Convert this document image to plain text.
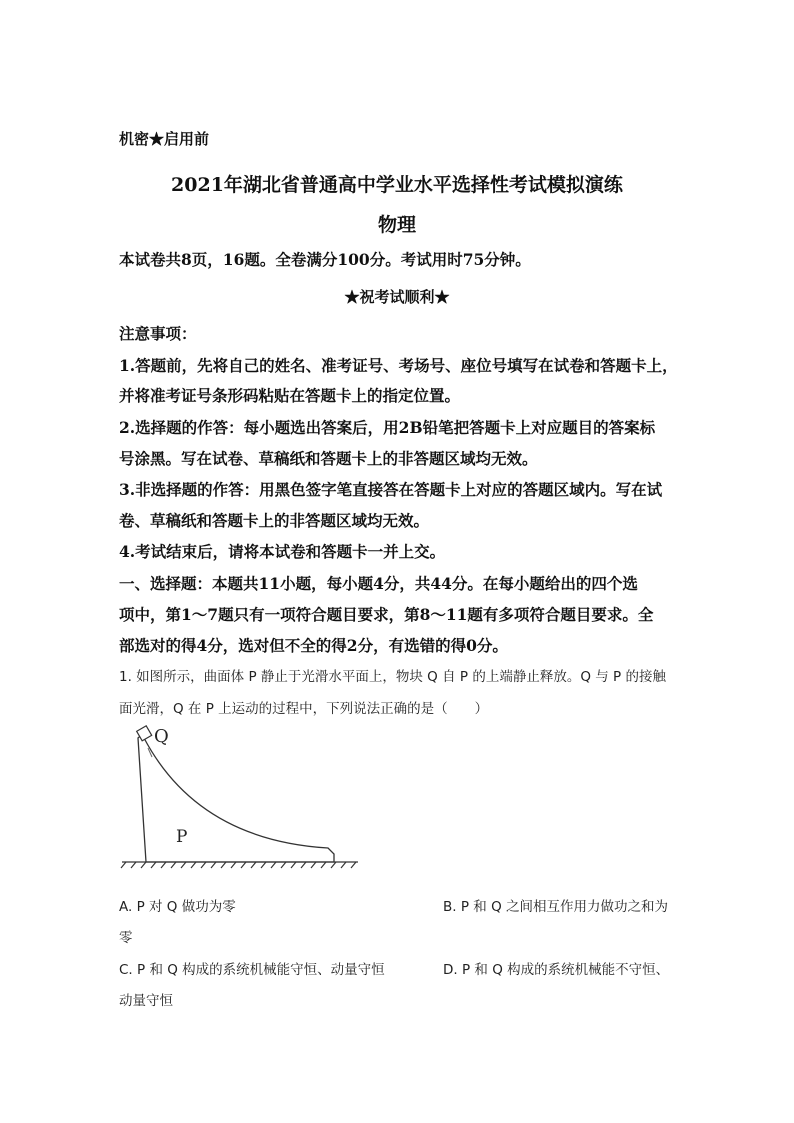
机密★启用前
2021年湖北省普通高中学业水平选择性考试模拟演练
物理
本试卷共8页，16题。全卷满分100分。考试用时75分钟。
★祝考试顺利★
注意事项：
1.答题前，先将自己的姓名、准考证号、考场号、座位号填写在试卷和答题卡上，
并将准考证号条形码粘贴在答题卡上的指定位置。
2.选择题的作答：每小题选出答案后，用2B铅笔把答题卡上对应题目的答案标
号涂黑。写在试卷、草稿纸和答题卡上的非答题区域均无效。
3.非选择题的作答：用黑色签字笔直接答在答题卡上对应的答题区域内。写在试
卷、草稿纸和答题卡上的非答题区域均无效。
4.考试结束后，请将本试卷和答题卡一并上交。
一、选择题：本题共11小题，每小题4分，共44分。在每小题给出的四个选
项中，第1～7题只有一项符合题目要求，第8～11题有多项符合题目要求。全
部选对的得4分，选对但不全的得2分，有选错的得0分。
1. 如图所示，曲面体 P 静止于光滑水平面上，物块 Q 自 P 的上端静止释放。Q 与 P 的接触
面光滑，Q 在 P 上运动的过程中，下列说法正确的是（　　）
Q
P
A. P 对 Q 做功为零	B. P 和 Q 之间相互作用力做功之和为
零
C. P 和 Q 构成的系统机械能守恒、动量守恒	D. P 和 Q 构成的系统机械能不守恒、
动量守恒
